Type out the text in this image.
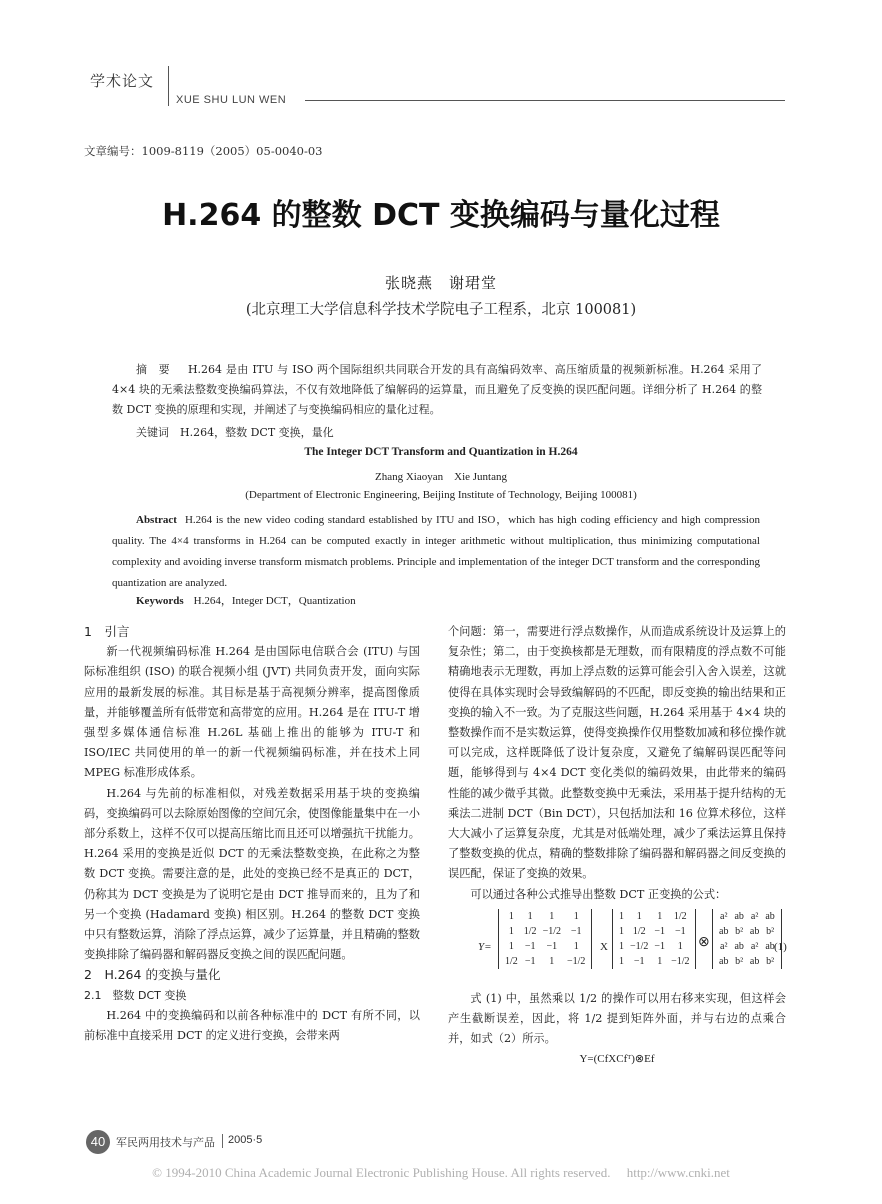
学术论文
XUE SHU LUN WEN
文章编号：1009-8119（2005）05-0040-03
H.264 的整数 DCT 变换编码与量化过程
张晓燕　谢珺堂
(北京理工大学信息科学技术学院电子工程系，北京 100081)
摘　要 H.264 是由 ITU 与 ISO 两个国际组织共同联合开发的具有高编码效率、高压缩质量的视频新标准。H.264 采用了4×4 块的无乘法整数变换编码算法，不仅有效地降低了编解码的运算量，而且避免了反变换的误匹配问题。详细分析了 H.264 的整数 DCT 变换的原理和实现，并阐述了与变换编码相应的量化过程。
关键词　 H.264，整数 DCT 变换，量化
The Integer DCT Transform and Quantization in H.264
Zhang Xiaoyan　Xie Juntang
(Department of Electronic Engineering, Beijing Institute of Technology, Beijing 100081)
Abstract H.264 is the new video coding standard established by ITU and ISO，which has high coding efficiency and high compression quality. The 4×4 transforms in H.264 can be computed exactly in integer arithmetic without multiplication, thus minimizing computational complexity and avoiding inverse transform mismatch problems. Principle and implementation of the integer DCT transform and the corresponding quantization are analyzed.
Keywords H.264，Integer DCT，Quantization

1　引言

新一代视频编码标准 H.264 是由国际电信联合会 (ITU) 与国际标准组织 (ISO) 的联合视频小组 (JVT) 共同负责开发，面向实际应用的最新发展的标准。其目标是基于高视频分辨率，提高图像质量，并能够覆盖所有低带宽和高带宽的应用。H.264 是在 ITU-T 增强型多媒体通信标准 H.26L 基础上推出的能够为 ITU-T 和 ISO/IEC 共同使用的单一的新一代视频编码标准，并在技术上同 MPEG 标准形成体系。

H.264 与先前的标准相似，对残差数据采用基于块的变换编码，变换编码可以去除原始图像的空间冗余，使图像能量集中在一小部分系数上，这样不仅可以提高压缩比而且还可以增强抗干扰能力。H.264 采用的变换是近似 DCT 的无乘法整数变换，在此称之为整数 DCT 变换。需要注意的是，此处的变换已经不是真正的 DCT，仍称其为 DCT 变换是为了说明它是由 DCT 推导而来的，且为了和另一个变换 (Hadamard 变换) 相区别。H.264 的整数 DCT 变换中只有整数运算，消除了浮点运算，减少了运算量，并且精确的整数变换排除了编码器和解码器反变换之间的误匹配问题。

2　H.264 的变换与量化

2.1　整数 DCT 变换

H.264 中的变换编码和以前各种标准中的 DCT 有所不同，以前标准中直接采用 DCT 的定义进行变换，会带来两

个问题：第一，需要进行浮点数操作，从而造成系统设计及运算上的复杂性；第二，由于变换核都是无理数，而有限精度的浮点数不可能精确地表示无理数，再加上浮点数的运算可能会引入舍入误差，这就使得在具体实现时会导致编解码的不匹配，即反变换的输出结果和正变换的输入不一致。为了克服这些问题，H.264 采用基于 4×4 块的整数操作而不是实数运算，使得变换操作仅用整数加减和移位操作就可以完成，这样既降低了设计复杂度，又避免了编解码误匹配等问题，能够得到与 4×4 DCT 变化类似的编码效果，由此带来的编码性能的减少微乎其微。此整数变换中无乘法，采用基于提升结构的无乘法二进制 DCT（Bin DCT），只包括加法和 16 位算术移位，这样大大减小了运算复杂度，尤其是对低端处理，减少了乘法运算且保持了整数变换的优点，精确的整数排除了编码器和解码器之间反变换的误匹配，保证了变换的效果。

可以通过各种公式推导出整数 DCT 正变换的公式：

Y=
1	1	1	1
1	1/2	−1/2	−1
1	−1	−1	1
1/2	−1	1	−1/2
X
1	1	1	1/2
1	1/2	−1	−1
1	−1/2	−1	1
1	−1	1	−1/2
⊗
a²	ab	a²	ab
ab	b²	ab	b²
a²	ab	a²	ab
ab	b²	ab	b²
(1)

式 (1) 中，虽然乘以 1/2 的操作可以用右移来实现，但这样会产生截断误差，因此，将 1/2 提到矩阵外面，并与右边的点乘合并，如式（2）所示。

Y=(CfXCfᵀ)⊗Ef

40 军民两用技术与产品 2005·5
© 1994-2010 China Academic Journal Electronic Publishing House. All rights reserved.　 http://www.cnki.net
